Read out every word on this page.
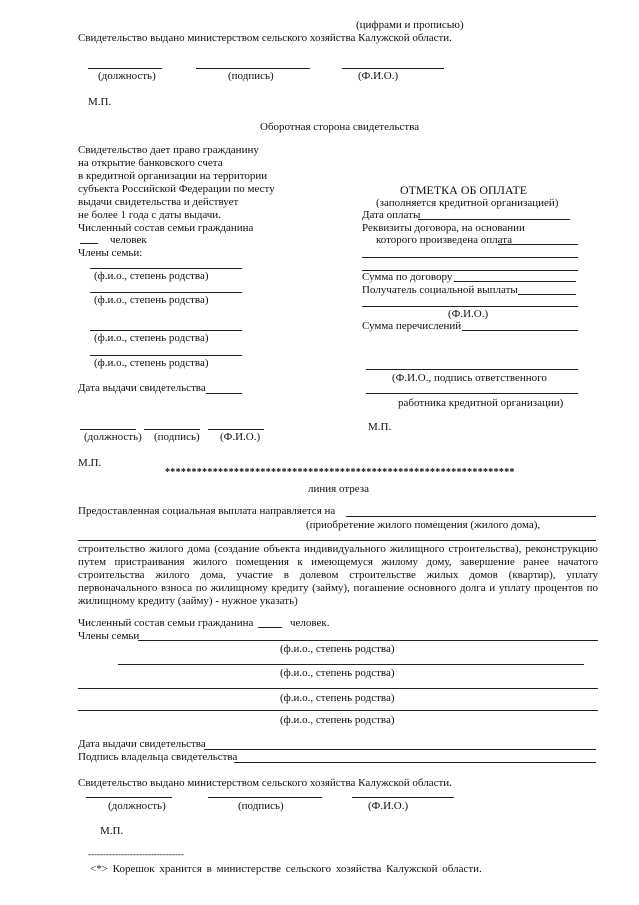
(цифрами и прописью)
Свидетельство выдано министерством сельского хозяйства Калужской области.
(должность)	(подпись)	(Ф.И.О.)
М.П.
Оборотная сторона свидетельства
Свидетельство дает право гражданину
на открытие банковского счета
в кредитной организации на территории
субъекта Российской Федерации по месту
выдачи свидетельства и действует
не более 1 года с даты выдачи.
Численный состав семьи гражданина
человек
Члены семьи:
(ф.и.о., степень родства)
(ф.и.о., степень родства)
(ф.и.о., степень родства)
(ф.и.о., степень родства)
Дата выдачи свидетельства
(должность) (подпись) (Ф.И.О.)
М.П.
ОТМЕТКА ОБ ОПЛАТЕ
(заполняется кредитной организацией)
Дата оплаты
Реквизиты договора, на основании
которого произведена оплата
Сумма по договору
Получатель социальной выплаты
(Ф.И.О.)
Сумма перечислений
(Ф.И.О., подпись ответственного
работника кредитной организации)
М.П.
******************************************************************
линия отреза
Предоставленная социальная выплата направляется на
(приобретение жилого помещения (жилого дома),
строительство жилого дома (создание объекта индивидуального жилищного строительства), реконструкцию путем пристраивания жилого помещения к имеющемуся жилому дому, завершение ранее начатого строительства жилого дома, участие в долевом строительстве жилых домов (квартир), уплату первоначального взноса по жилищному кредиту (займу), погашение основного долга и уплату процентов по жилищному кредиту (займу) - нужное указать)
Численный состав семьи гражданина	человек.
Члены семьи
(ф.и.о., степень родства)
(ф.и.о., степень родства)
(ф.и.о., степень родства)
(ф.и.о., степень родства)
Дата выдачи свидетельства
Подпись владельца свидетельства
Свидетельство выдано министерством сельского хозяйства Калужской области.
(должность)	(подпись)	(Ф.И.О.)
М.П.
--------------------------------
<*> Корешок хранится в министерстве сельского хозяйства Калужской области.
